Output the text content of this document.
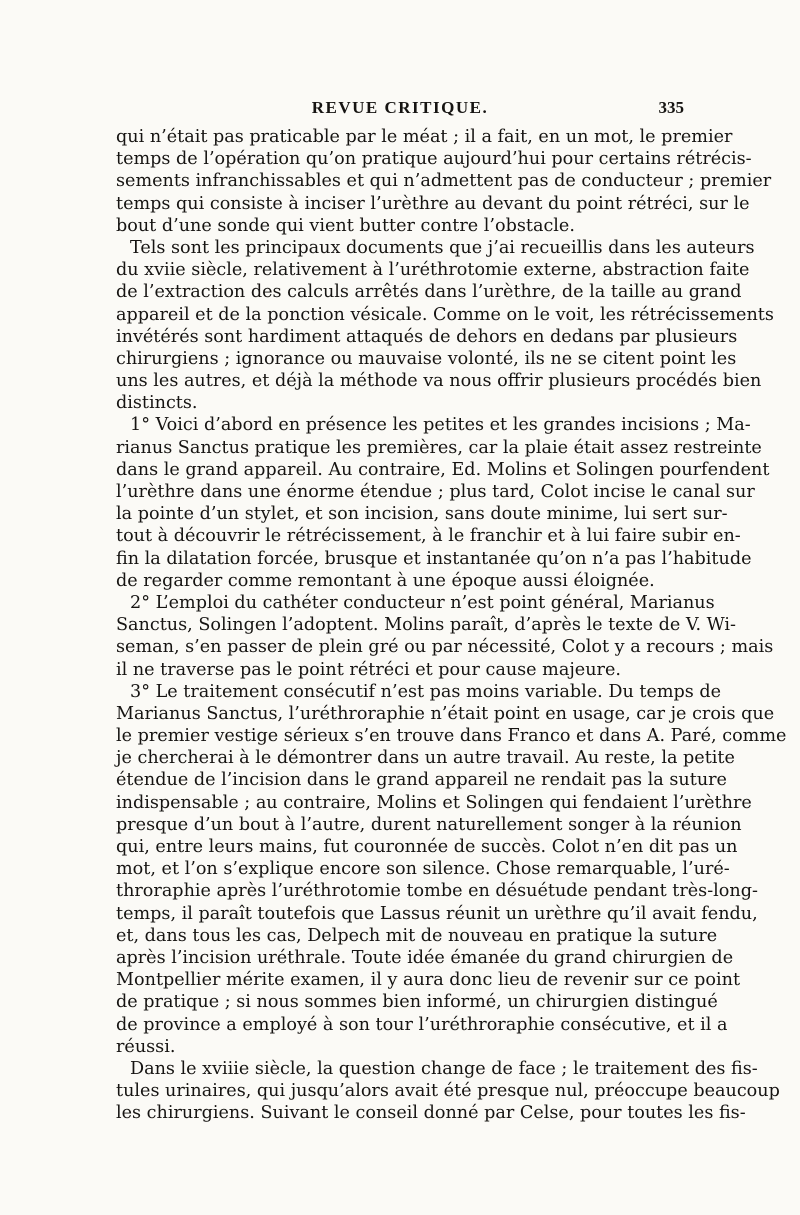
REVUE CRITIQUE.	335
qui n’était pas praticable par le méat ; il a fait, en un mot, le premier
temps de l’opération qu’on pratique aujourd’hui pour certains rétrécis-
sements infranchissables et qui n’admettent pas de conducteur ; premier
temps qui consiste à inciser l’urèthre au devant du point rétréci, sur le
bout d’une sonde qui vient butter contre l’obstacle.
Tels sont les principaux documents que j’ai recueillis dans les auteurs
du xviie siècle, relativement à l’uréthrotomie externe, abstraction faite
de l’extraction des calculs arrêtés dans l’urèthre, de la taille au grand
appareil et de la ponction vésicale. Comme on le voit, les rétrécissements
invétérés sont hardiment attaqués de dehors en dedans par plusieurs
chirurgiens ; ignorance ou mauvaise volonté, ils ne se citent point les
uns les autres, et déjà la méthode va nous offrir plusieurs procédés bien
distincts.
1° Voici d’abord en présence les petites et les grandes incisions ; Ma-
rianus Sanctus pratique les premières, car la plaie était assez restreinte
dans le grand appareil. Au contraire, Ed. Molins et Solingen pourfendent
l’urèthre dans une énorme étendue ; plus tard, Colot incise le canal sur
la pointe d’un stylet, et son incision, sans doute minime, lui sert sur-
tout à découvrir le rétrécissement, à le franchir et à lui faire subir en-
fin la dilatation forcée, brusque et instantanée qu’on n’a pas l’habitude
de regarder comme remontant à une époque aussi éloignée.
2° L’emploi du cathéter conducteur n’est point général, Marianus
Sanctus, Solingen l’adoptent. Molins paraît, d’après le texte de V. Wi-
seman, s’en passer de plein gré ou par nécessité, Colot y a recours ; mais
il ne traverse pas le point rétréci et pour cause majeure.
3° Le traitement consécutif n’est pas moins variable. Du temps de
Marianus Sanctus, l’uréthroraphie n’était point en usage, car je crois que
le premier vestige sérieux s’en trouve dans Franco et dans A. Paré, comme
je chercherai à le démontrer dans un autre travail. Au reste, la petite
étendue de l’incision dans le grand appareil ne rendait pas la suture
indispensable ; au contraire, Molins et Solingen qui fendaient l’urèthre
presque d’un bout à l’autre, durent naturellement songer à la réunion
qui, entre leurs mains, fut couronnée de succès. Colot n’en dit pas un
mot, et l’on s’explique encore son silence. Chose remarquable, l’uré-
throraphie après l’uréthrotomie tombe en désuétude pendant très-long-
temps, il paraît toutefois que Lassus réunit un urèthre qu’il avait fendu,
et, dans tous les cas, Delpech mit de nouveau en pratique la suture
après l’incision uréthrale. Toute idée émanée du grand chirurgien de
Montpellier mérite examen, il y aura donc lieu de revenir sur ce point
de pratique ; si nous sommes bien informé, un chirurgien distingué
de province a employé à son tour l’uréthroraphie consécutive, et il a
réussi.
Dans le xviiie siècle, la question change de face ; le traitement des fis-
tules urinaires, qui jusqu’alors avait été presque nul, préoccupe beaucoup
les chirurgiens. Suivant le conseil donné par Celse, pour toutes les fis-
